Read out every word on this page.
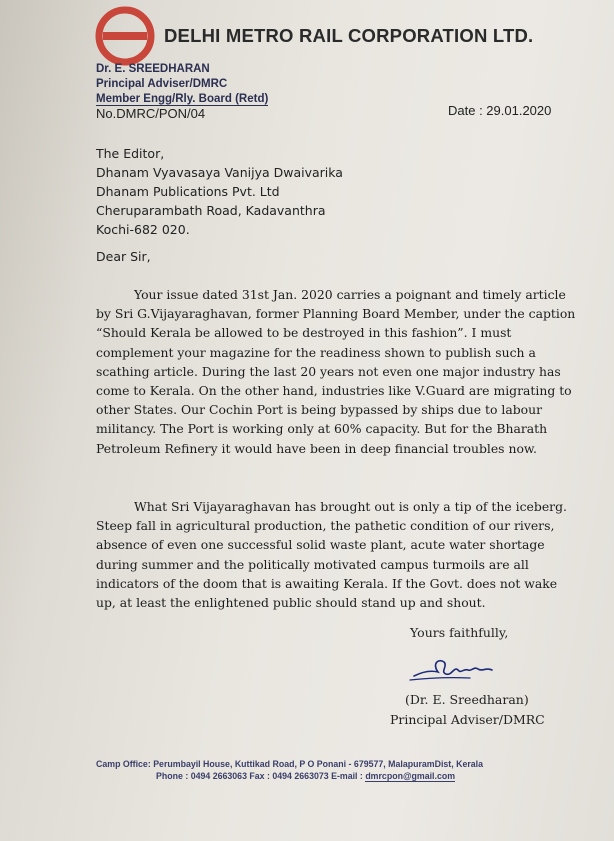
DELHI METRO RAIL CORPORATION LTD.
Dr. E. SREEDHARAN
Principal Adviser/DMRC
Member Engg/Rly. Board (Retd)
No.DMRC/PON/04	Date : 29.01.2020
The Editor,
Dhanam Vyavasaya Vanijya Dwaivarika
Dhanam Publications Pvt. Ltd
Cheruparambath Road, Kadavanthra
Kochi-682 020.
Dear Sir,
Your issue dated 31st Jan. 2020 carries a poignant and timely article
by Sri G.Vijayaraghavan, former Planning Board Member, under the caption
“Should Kerala be allowed to be destroyed in this fashion”. I must
complement your magazine for the readiness shown to publish such a
scathing article. During the last 20 years not even one major industry has
come to Kerala. On the other hand, industries like V.Guard are migrating to
other States. Our Cochin Port is being bypassed by ships due to labour
militancy. The Port is working only at 60% capacity. But for the Bharath
Petroleum Refinery it would have been in deep financial troubles now.
What Sri Vijayaraghavan has brought out is only a tip of the iceberg.
Steep fall in agricultural production, the pathetic condition of our rivers,
absence of even one successful solid waste plant, acute water shortage
during summer and the politically motivated campus turmoils are all
indicators of the doom that is awaiting Kerala. If the Govt. does not wake
up, at least the enlightened public should stand up and shout.
Yours faithfully,
(Dr. E. Sreedharan)
Principal Adviser/DMRC
Camp Office: Perumbayil House, Kuttikad Road, P O Ponani - 679577, MalapuramDist, Kerala
Phone : 0494 2663063 Fax : 0494 2663073 E-mail : dmrcpon@gmail.com
